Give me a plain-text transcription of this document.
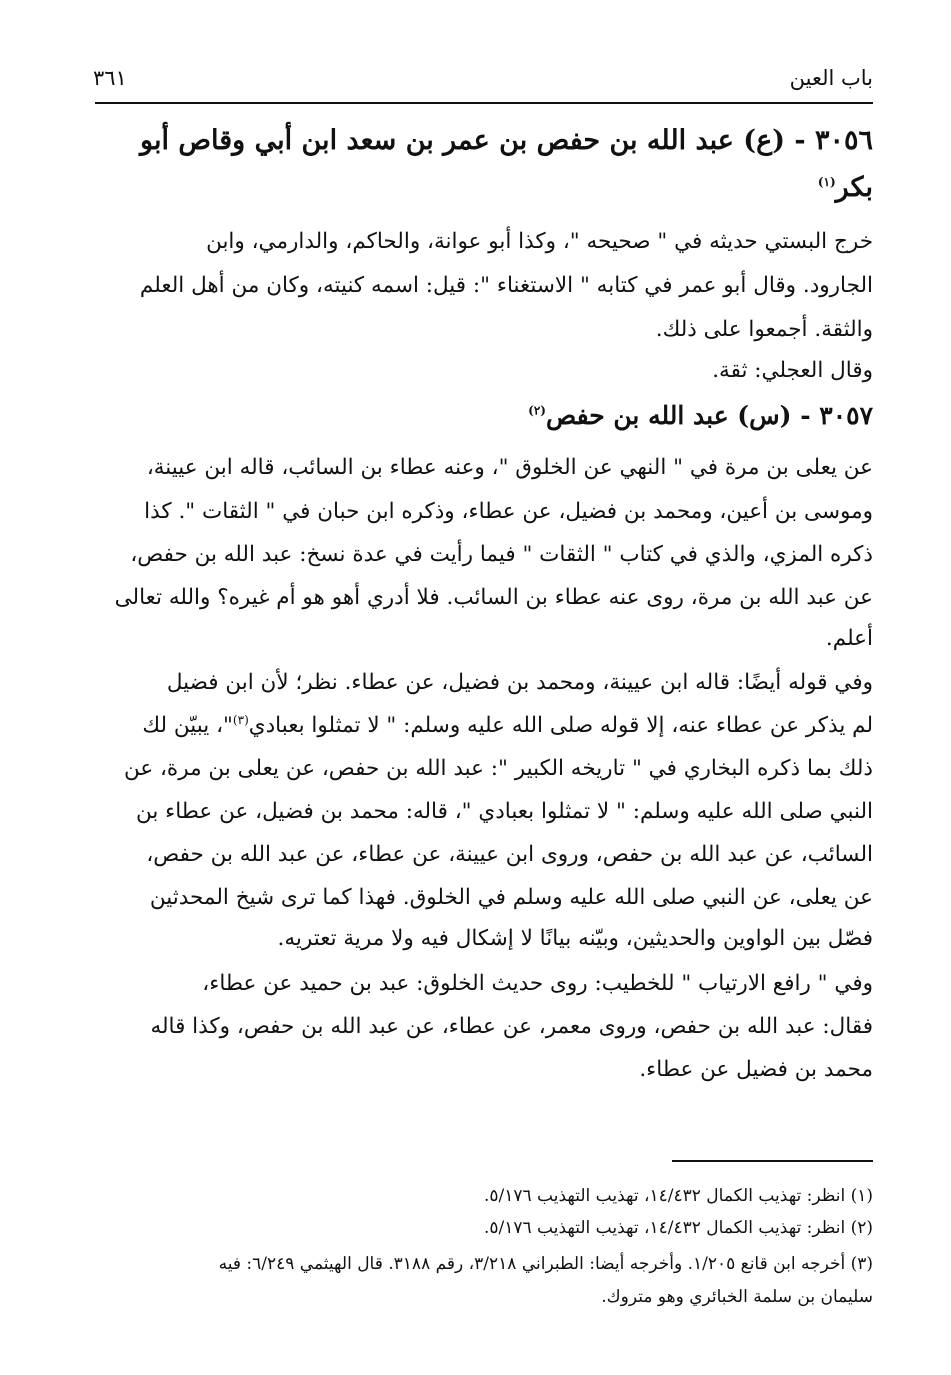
باب العين
٣٦١
٣٠٥٦ - (ع) عبد الله بن حفص بن عمر بن سعد ابن أبي وقاص أبو
بكر$^{(١)}$
خرج البستي حديثه في " صحيحه "، وكذا أبو عوانة، والحاكم، والدارمي، وابن
الجارود. وقال أبو عمر في كتابه " الاستغناء ": قيل: اسمه كنيته، وكان من أهل العلم
والثقة. أجمعوا على ذلك.
وقال العجلي: ثقة.
٣٠٥٧ - (س) عبد الله بن حفص$^{(٢)}$
عن يعلى بن مرة في " النهي عن الخلوق "، وعنه عطاء بن السائب، قاله ابن عيينة،
وموسى بن أعين، ومحمد بن فضيل، عن عطاء، وذكره ابن حبان في " الثقات ". كذا
ذكره المزي، والذي في كتاب " الثقات " فيما رأيت في عدة نسخ: عبد الله بن حفص،
عن عبد الله بن مرة، روى عنه عطاء بن السائب. فلا أدري أهو هو أم غيره؟ والله تعالى
أعلم.
وفي قوله أيضًا: قاله ابن عيينة، ومحمد بن فضيل، عن عطاء. نظر؛ لأن ابن فضيل
لم يذكر عن عطاء عنه، إلا قوله صلى الله عليه وسلم: " لا تمثلوا بعبادي$^{(٣)}$"، يبيّن لك
ذلك بما ذكره البخاري في " تاريخه الكبير ": عبد الله بن حفص، عن يعلى بن مرة، عن
النبي صلى الله عليه وسلم: " لا تمثلوا بعبادي "، قاله: محمد بن فضيل، عن عطاء بن
السائب، عن عبد الله بن حفص، وروى ابن عيينة، عن عطاء، عن عبد الله بن حفص،
عن يعلى، عن النبي صلى الله عليه وسلم في الخلوق. فهذا كما ترى شيخ المحدثين
فصّل بين الواوين والحديثين، وبيّنه بيانًا لا إشكال فيه ولا مرية تعتريه.
وفي " رافع الارتياب " للخطيب: روى حديث الخلوق: عبد بن حميد عن عطاء،
فقال: عبد الله بن حفص، وروى معمر، عن عطاء، عن عبد الله بن حفص، وكذا قاله
محمد بن فضيل عن عطاء.
(١) انظر: تهذيب الكمال ١٤/٤٣٢، تهذيب التهذيب ٥/١٧٦.
(٢) انظر: تهذيب الكمال ١٤/٤٣٢، تهذيب التهذيب ٥/١٧٦.
(٣) أخرجه ابن قانع ١/٢٠٥. وأخرجه أيضا: الطبراني ٣/٢١٨، رقم ٣١٨٨. قال الهيثمي ٦/٢٤٩: فيه
سليمان بن سلمة الخبائري وهو متروك.
